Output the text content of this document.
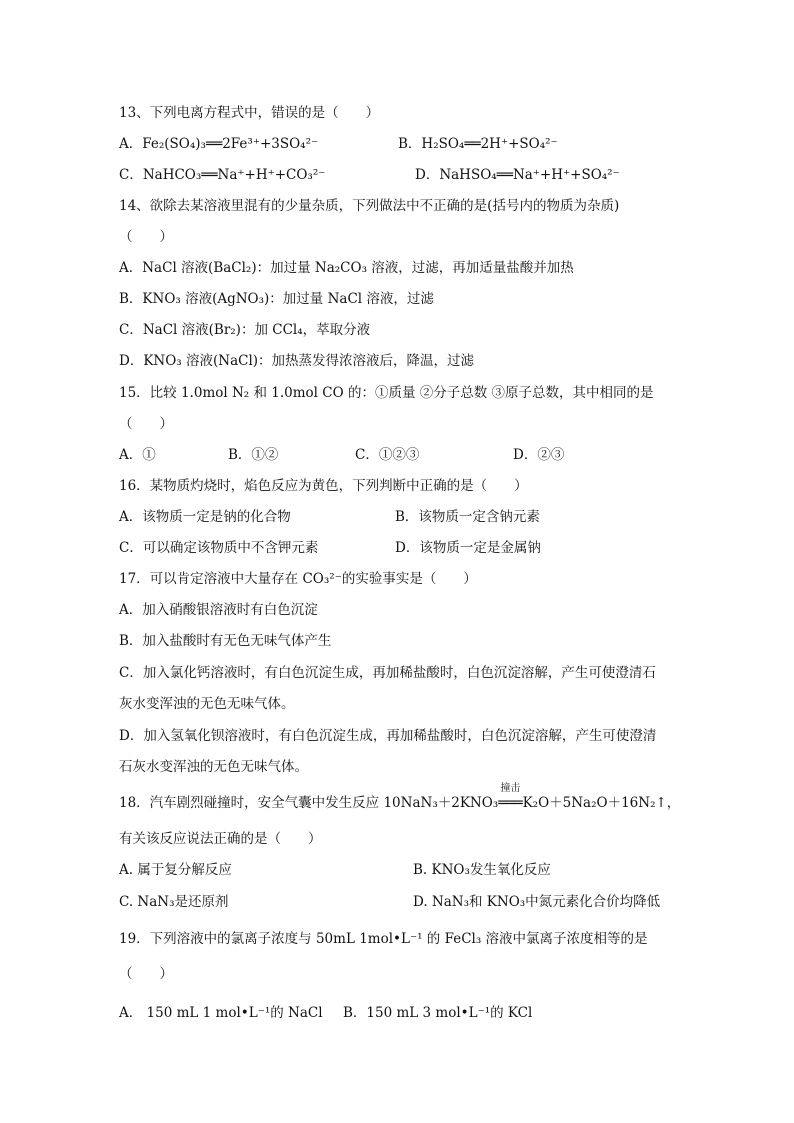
13、下列电离方程式中，错误的是（　　）
A．Fe₂(SO₄)₃══2Fe³⁺+3SO₄²⁻	B．H₂SO₄══2H⁺+SO₄²⁻
C．NaHCO₃══Na⁺+H⁺+CO₃²⁻	D．NaHSO₄══Na⁺+H⁺+SO₄²⁻
14、欲除去某溶液里混有的少量杂质，下列做法中不正确的是(括号内的物质为杂质)
（　　）
A．NaCl 溶液(BaCl₂)：加过量 Na₂CO₃ 溶液，过滤，再加适量盐酸并加热
B．KNO₃ 溶液(AgNO₃)：加过量 NaCl 溶液，过滤
C．NaCl 溶液(Br₂)：加 CCl₄，萃取分液
D．KNO₃ 溶液(NaCl)：加热蒸发得浓溶液后，降温，过滤
15．比较 1.0mol N₂ 和 1.0mol CO 的：①质量 ②分子总数 ③原子总数，其中相同的是
（　　）
A．①	B．①②	C．①②③	D．②③
16．某物质灼烧时，焰色反应为黄色，下列判断中正确的是（　　）
A．该物质一定是钠的化合物	B．该物质一定含钠元素
C．可以确定该物质中不含钾元素	D．该物质一定是金属钠
17．可以肯定溶液中大量存在 CO₃²⁻的实验事实是（　　）
A．加入硝酸银溶液时有白色沉淀
B．加入盐酸时有无色无味气体产生
C．加入氯化钙溶液时，有白色沉淀生成，再加稀盐酸时，白色沉淀溶解，产生可使澄清石
灰水变浑浊的无色无味气体。
D．加入氢氧化钡溶液时，有白色沉淀生成，再加稀盐酸时，白色沉淀溶解，产生可使澄清
石灰水变浑浊的无色无味气体。
18．汽车剧烈碰撞时，安全气囊中发生反应 10NaN₃＋2KNO₃
撞击
═══K₂O＋5Na₂O＋16N₂↑，
有关该反应说法正确的是（　　）
A. 属于复分解反应	B. KNO₃发生氧化反应
C. NaN₃是还原剂	D. NaN₃和 KNO₃中氮元素化合价均降低
19．下列溶液中的氯离子浓度与 50mL 1mol•L⁻¹ 的 FeCl₃ 溶液中氯离子浓度相等的是
（　　）
A． 150 mL 1 mol•L⁻¹的 NaCl B．150 mL 3 mol•L⁻¹的 KCl
